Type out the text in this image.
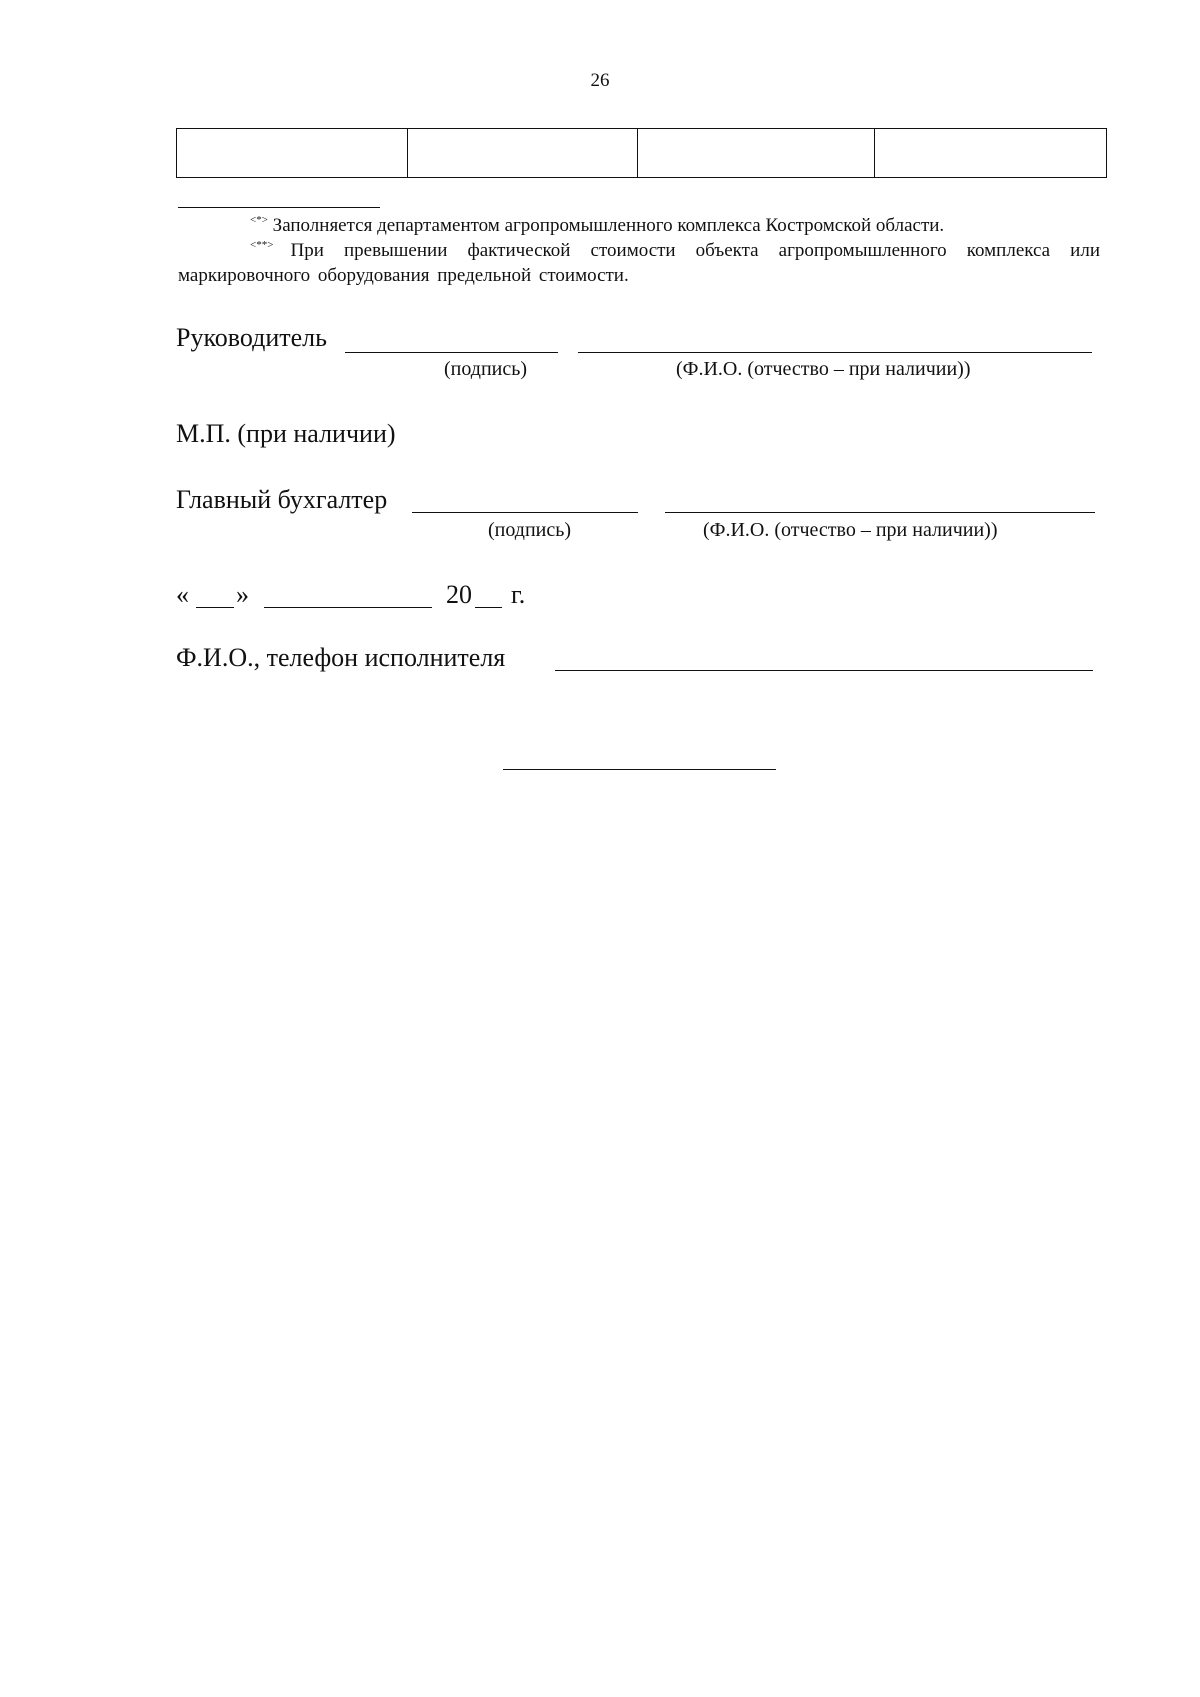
26

<*> Заполняется департаментом агропромышленного комплекса Костромской области.
<**> При превышении фактической стоимости объекта агропромышленного комплекса или маркировочного оборудования предельной стоимости.
Руководитель
(подпись)	(Ф.И.О. (отчество – при наличии))
М.П. (при наличии)
Главный бухгалтер
(подпись)	(Ф.И.О. (отчество – при наличии))
« »	20 г.
Ф.И.О., телефон исполнителя
